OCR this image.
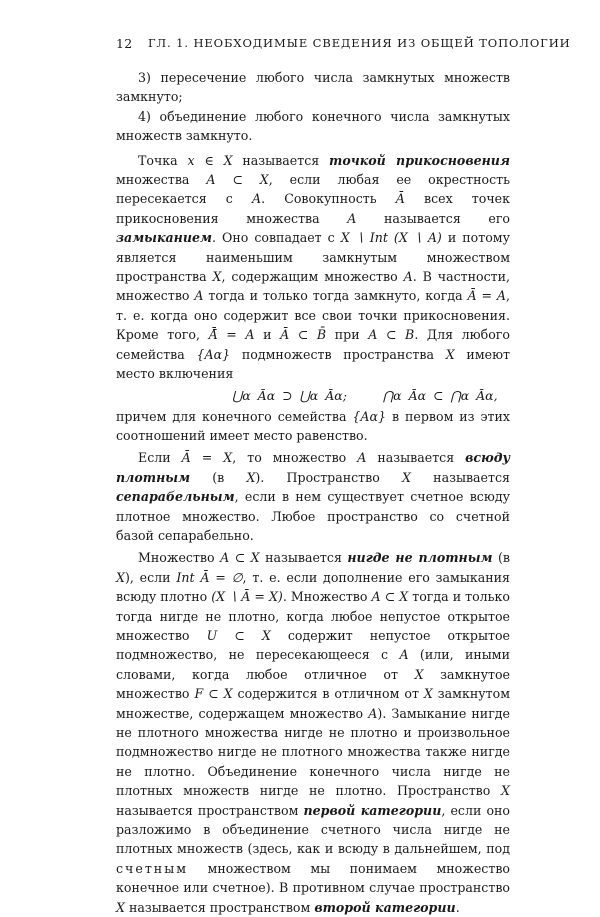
12 ГЛ. 1. НЕОБХОДИМЫЕ СВЕДЕНИЯ ИЗ ОБЩЕЙ ТОПОЛОГИИ

3) пересечение любого числа замкнутых множеств замкнуто;

4) объединение любого конечного числа замкнутых множеств замкнуто.

Точка x ∈ X называется точкой прикосновения множества A ⊂ X, если любая ее окрестность пересекается с A. Совокупность Ā всех точек прикосновения множества A называется его замыканием. Оно совпадает с X ∖ Int (X ∖ A) и потому является наименьшим замкнутым множеством пространства X, содержащим множество A. В частности, множество A тогда и только тогда замкнуто, когда Ā = A, т. е. когда оно содержит все свои точки прикосновения. Кроме того, Ā̄ = A и Ā ⊂ B̄ при A ⊂ B. Для любого семейства {Aα} подмножеств пространства X имеют место включения

⋃α Āα ⊃ ⋃α Āα;	⋂α Āα ⊂ ⋂α Āα,

причем для конечного семейства {Aα} в первом из этих соотношений имеет место равенство.

Если Ā = X, то множество A называется всюду плотным (в X). Пространство X называется сепарабельным, если в нем существует счетное всюду плотное множество. Любое пространство со счетной базой сепарабельно.

Множество A ⊂ X называется нигде не плотным (в X), если Int Ā = ∅, т. е. если дополнение его замыкания всюду плотно (X ∖ Ā = X). Множество A ⊂ X тогда и только тогда нигде не плотно, когда любое непустое открытое множество U ⊂ X содержит непустое открытое подмножество, не пересекающееся с A (или, иными словами, когда любое отличное от X замкнутое множество F ⊂ X содержится в отличном от X замкнутом множестве, содержащем множество A). Замыкание нигде не плотного множества нигде не плотно и произвольное подмножество нигде не плотного множества также нигде не плотно. Объединение конечного числа нигде не плотных множеств нигде не плотно. Пространство X называется пространством первой категории, если оно разложимо в объединение счетного числа нигде не плотных множеств (здесь, как и всюду в дальнейшем, под счетным множеством мы понимаем множество конечное или счетное). В противном случае пространство X называется пространством второй категории.
